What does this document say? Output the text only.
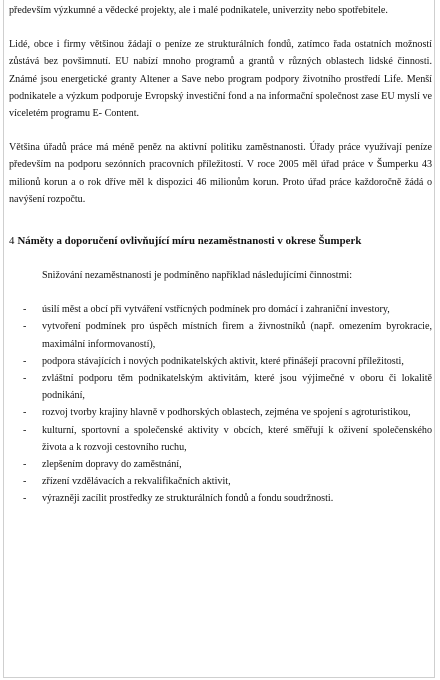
především výzkumné a vědecké projekty, ale i malé podnikatele, univerzity nebo spotřebitele.

Lidé, obce i firmy většinou žádají o peníze ze strukturálních fondů, zatímco řada ostatních možností zůstává bez povšimnutí. EU nabízí mnoho programů a grantů v různých oblastech lidské činnosti. Známé jsou energetické granty Altener a Save nebo program podpory životního prostředí Life. Menší podnikatele a výzkum podporuje Evropský investiční fond a na informační společnost zase EU myslí ve víceletém programu E- Content.

Většina úřadů práce má méně peněz na aktivní politiku zaměstnanosti. Úřady práce využívají peníze především na podporu sezónních pracovních příležitostí. V roce 2005 měl úřad práce v Šumperku 43 milionů korun a o rok dříve měl k dispozici 46 milionům korun. Proto úřad práce každoročně žádá o navýšení rozpočtu.

4 Náměty a doporučení ovlivňující míru nezaměstnanosti v okrese Šumperk

Snižování nezaměstnanosti je podmíněno například následujícími činnostmi:

- úsilí měst a obcí při vytváření vstřícných podmínek pro domácí i zahraniční investory,
- vytvoření podmínek pro úspěch místních firem a živnostníků (např. omezením byrokracie, maximální informovaností),
- podpora stávajících i nových podnikatelských aktivit, které přinášejí pracovní příležitosti,
- zvláštní podporu těm podnikatelským aktivitám, které jsou výjimečné v oboru či lokalitě podnikání,
- rozvoj tvorby krajiny hlavně v podhorských oblastech, zejména ve spojení s agroturistikou,
- kulturní, sportovní a společenské aktivity v obcích, které směřují k oživení společenského života a k rozvoji cestovního ruchu,
- zlepšením dopravy do zaměstnání,
- zřízení vzdělávacích a rekvalifikačních aktivit,
- výrazněji zacílit prostředky ze strukturálních fondů a fondu soudržnosti.
